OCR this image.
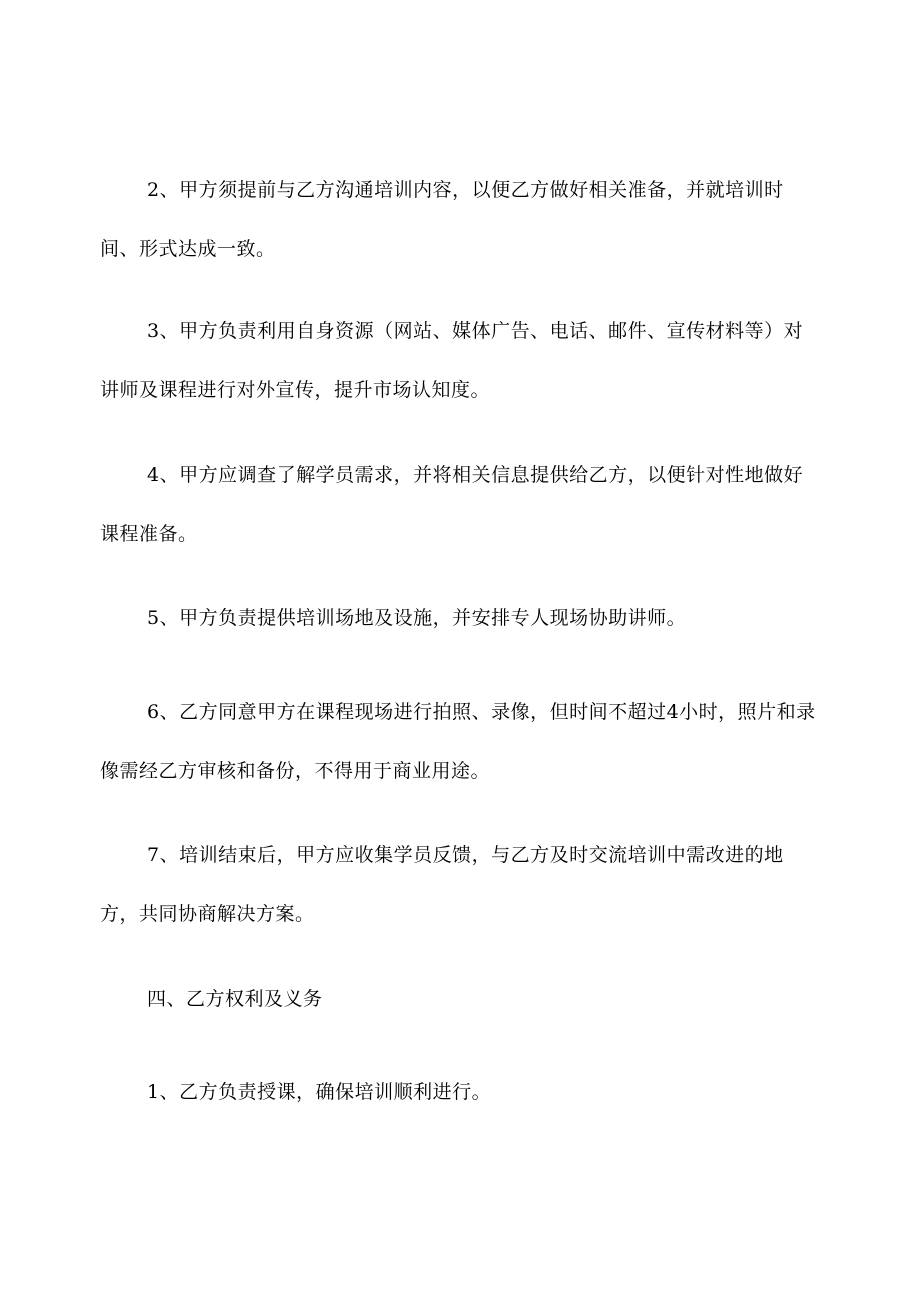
2、甲方须提前与乙方沟通培训内容，以便乙方做好相关准备，并就培训时间、形式达成一致。

3、甲方负责利用自身资源（网站、媒体广告、电话、邮件、宣传材料等）对讲师及课程进行对外宣传，提升市场认知度。

4、甲方应调查了解学员需求，并将相关信息提供给乙方，以便针对性地做好课程准备。

5、甲方负责提供培训场地及设施，并安排专人现场协助讲师。

6、乙方同意甲方在课程现场进行拍照、录像，但时间不超过4小时，照片和录像需经乙方审核和备份，不得用于商业用途。

7、培训结束后，甲方应收集学员反馈，与乙方及时交流培训中需改进的地方，共同协商解决方案。

四、乙方权利及义务

1、乙方负责授课，确保培训顺利进行。
